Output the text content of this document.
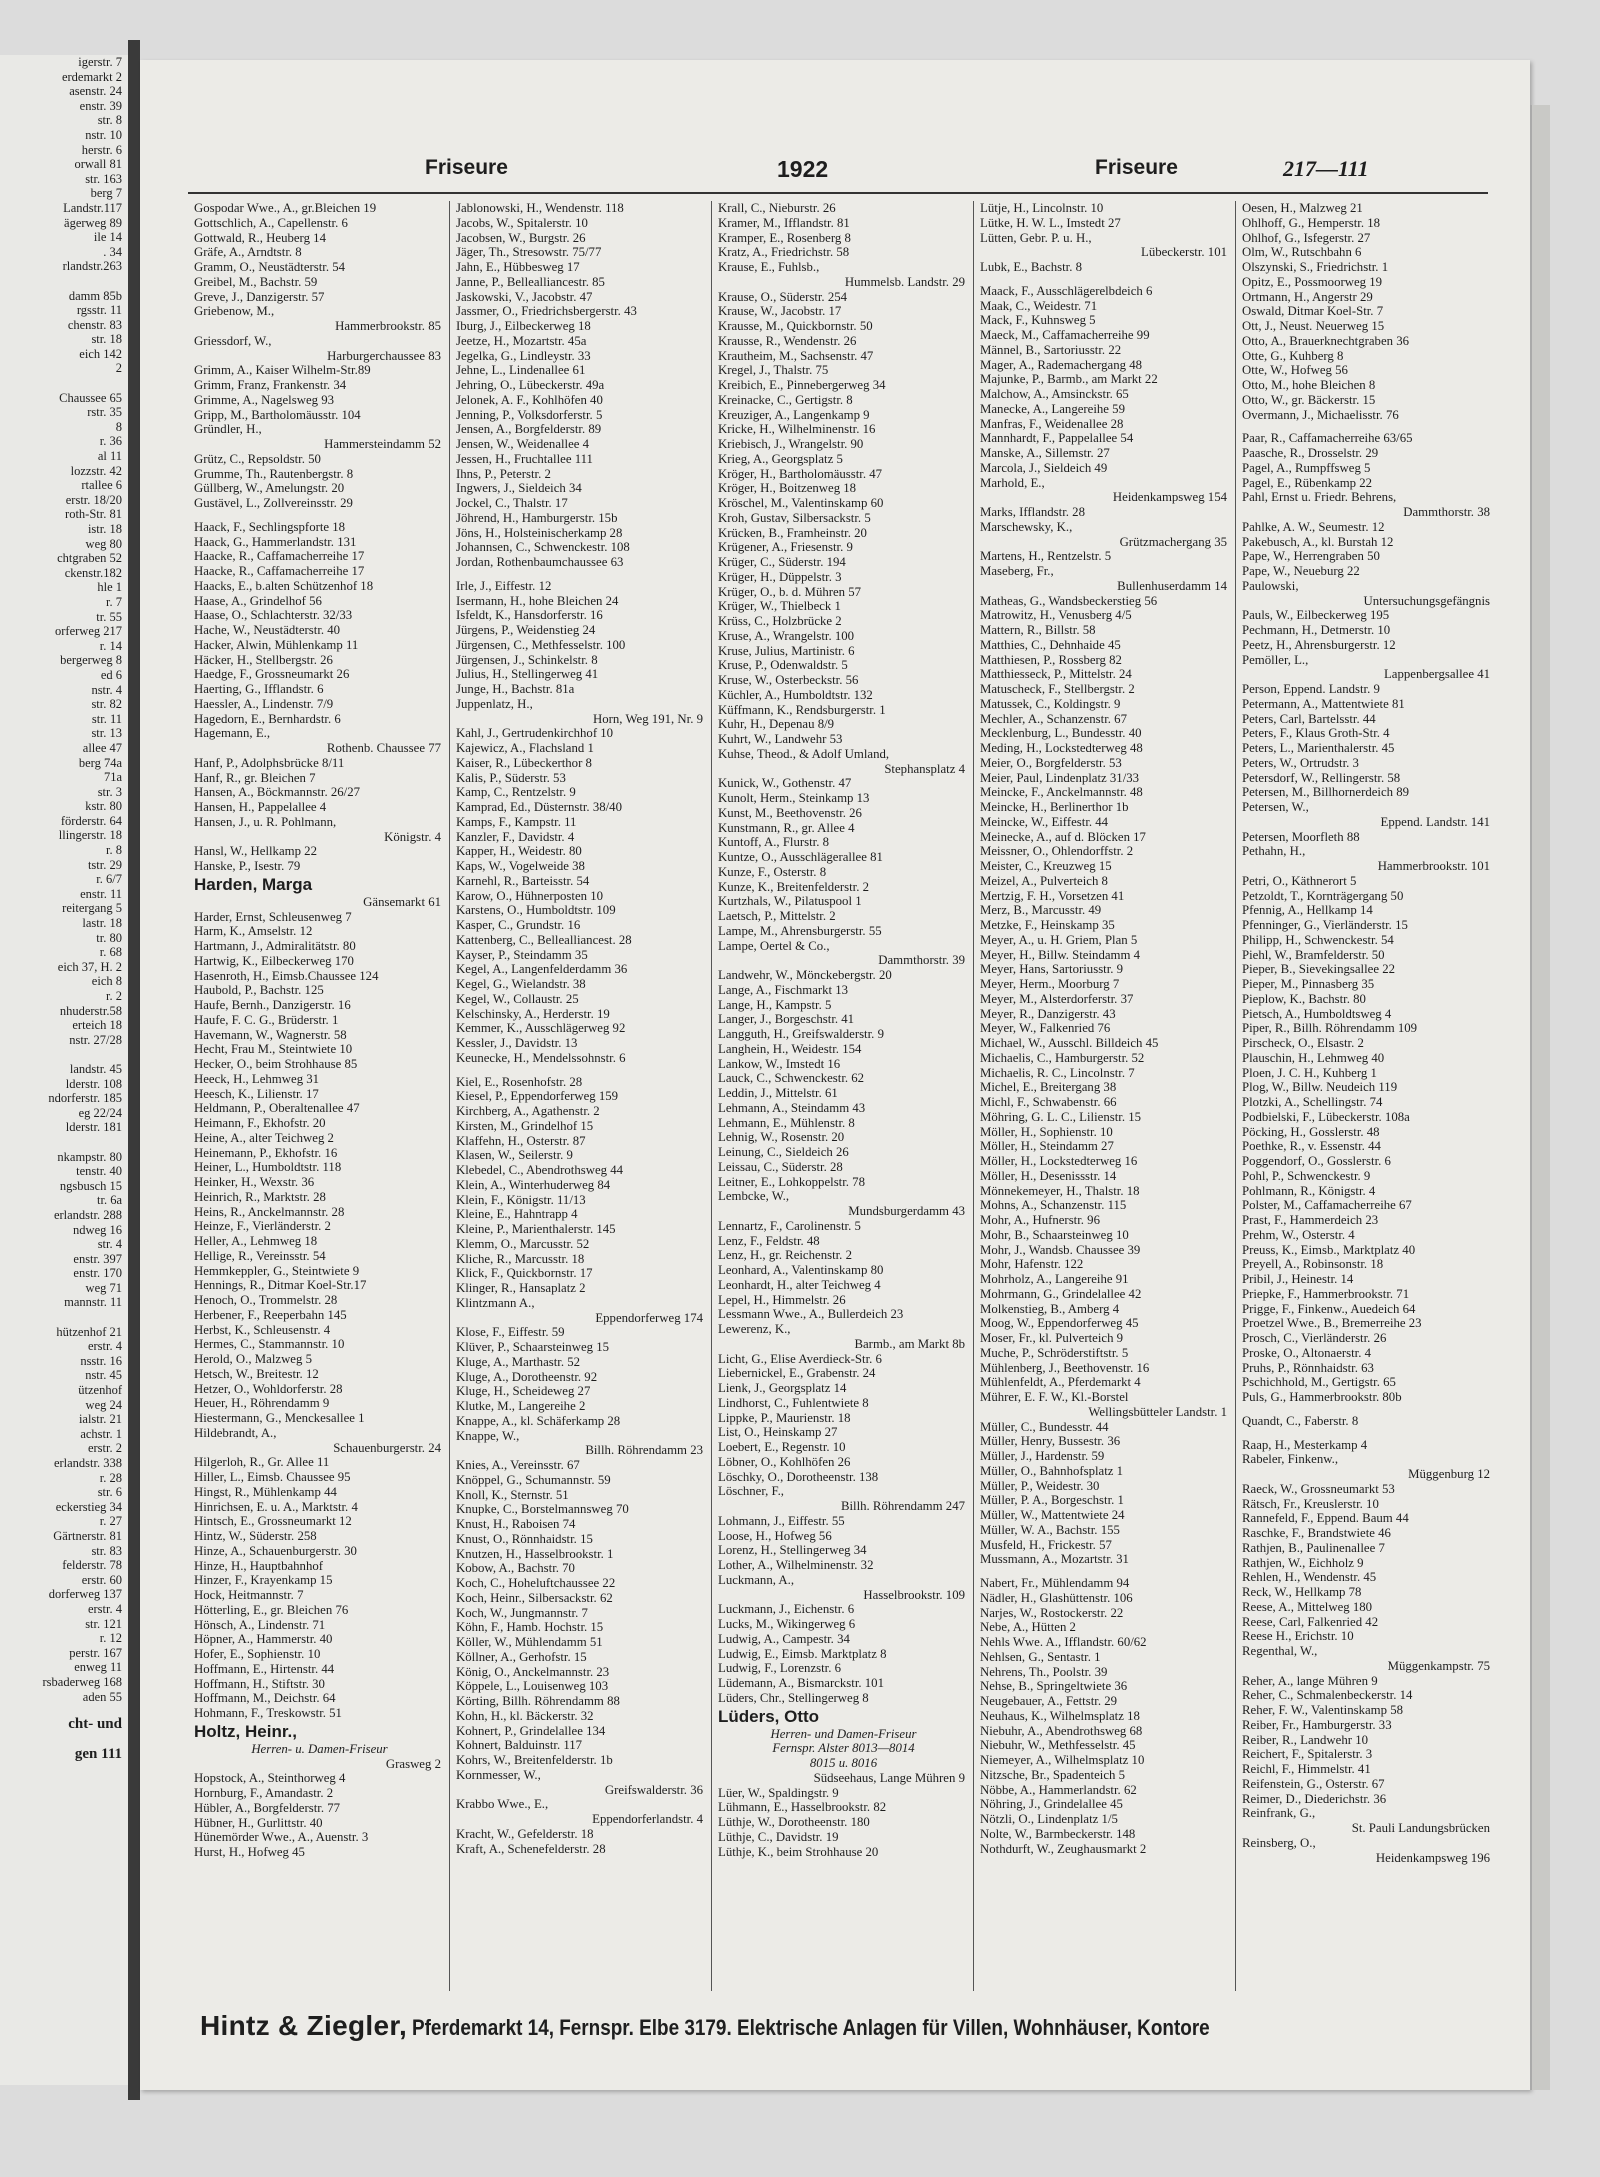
igerstr. 7
erdemarkt 2
asenstr. 24
enstr. 39
str. 8
nstr. 10
herstr. 6
orwall 81
str. 163
berg 7
Landstr.117
ägerweg 89
ile 14
. 34
rlandstr.263

damm 85b
rgsstr. 11
chenstr. 83
str. 18
eich 142
2

Chaussee 65
rstr. 35
8
r. 36
al 11
lozzstr. 42
rtallee 6
erstr. 18/20
roth-Str. 81
istr. 18
weg 80
chtgraben 52
ckenstr.182
hle 1
r. 7
tr. 55
orferweg 217
r. 14
bergerweg 8
ed 6
nstr. 4
str. 82
str. 11
str. 13
allee 47
berg 74a
71a
str. 3
kstr. 80
förderstr. 64
llingerstr. 18
r. 8
tstr. 29
r. 6/7
enstr. 11
reitergang 5
lastr. 18
tr. 80
r. 68
eich 37, H. 2
eich 8
r. 2
nhuderstr.58
erteich 18
nstr. 27/28

landstr. 45
lderstr. 108
ndorferstr. 185
eg 22/24
lderstr. 181

nkampstr. 80
tenstr. 40
ngsbusch 15
tr. 6a
erlandstr. 288
ndweg 16
str. 4
enstr. 397
enstr. 170
weg 71
mannstr. 11

hützenhof 21
erstr. 4
nsstr. 16
nstr. 45
ützenhof
weg 24
ialstr. 21
achstr. 1
erstr. 2
erlandstr. 338
r. 28
str. 6
eckerstieg 34
r. 27
Gärtnerstr. 81
str. 83
felderstr. 78
erstr. 60
dorferweg 137
erstr. 4
str. 121
r. 12
perstr. 167
enweg 11
rsbaderweg 168
aden 55
cht- und
gen 111
Friseure	1922	Friseure	217—111
Gospodar Wwe., A., gr.Bleichen 19
Gottschlich, A., Capellenstr. 6
Gottwald, R., Heuberg 14
Gräfe, A., Arndtstr. 8
Gramm, O., Neustädterstr. 54
Greibel, M., Bachstr. 59
Greve, J., Danzigerstr. 57
Griebenow, M.,
Hammerbrookstr. 85
Griessdorf, W.,
Harburgerchaussee 83
Grimm, A., Kaiser Wilhelm-Str.89
Grimm, Franz, Frankenstr. 34
Grimme, A., Nagelsweg 93
Gripp, M., Bartholomäusstr. 104
Gründler, H.,
Hammersteindamm 52
Grütz, C., Repsoldstr. 50
Grumme, Th., Rautenbergstr. 8
Güllberg, W., Amelungstr. 20
Gustävel, L., Zollvereinsstr. 29
Haack, F., Sechlingspforte 18
Haack, G., Hammerlandstr. 131
Haacke, R., Caffamacherreihe 17
Haacke, R., Caffamacherreihe 17
Haacks, E., b.alten Schützenhof 18
Haase, A., Grindelhof 56
Haase, O., Schlachterstr. 32/33
Hache, W., Neustädterstr. 40
Hacker, Alwin, Mühlenkamp 11
Häcker, H., Stellbergstr. 26
Haedge, F., Grossneumarkt 26
Haerting, G., Ifflandstr. 6
Haessler, A., Lindenstr. 7/9
Hagedorn, E., Bernhardstr. 6
Hagemann, E.,
Rothenb. Chaussee 77
Hanf, P., Adolphsbrücke 8/11
Hanf, R., gr. Bleichen 7
Hansen, A., Böckmannstr. 26/27
Hansen, H., Pappelallee 4
Hansen, J., u. R. Pohlmann,
Königstr. 4
Hansl, W., Hellkamp 22
Hanske, P., Isestr. 79
Harden, Marga
Gänsemarkt 61
Harder, Ernst, Schleusenweg 7
Harm, K., Amselstr. 12
Hartmann, J., Admiralitätstr. 80
Hartwig, K., Eilbeckerweg 170
Hasenroth, H., Eimsb.Chaussee 124
Haubold, P., Bachstr. 125
Haufe, Bernh., Danzigerstr. 16
Haufe, F. C. G., Brüderstr. 1
Havemann, W., Wagnerstr. 58
Hecht, Frau M., Steintwiete 10
Hecker, O., beim Strohhause 85
Heeck, H., Lehmweg 31
Heesch, K., Lilienstr. 17
Heldmann, P., Oberaltenallee 47
Heimann, F., Ekhofstr. 20
Heine, A., alter Teichweg 2
Heinemann, P., Ekhofstr. 16
Heiner, L., Humboldtstr. 118
Heinker, H., Wexstr. 36
Heinrich, R., Marktstr. 28
Heins, R., Anckelmannstr. 28
Heinze, F., Vierländerstr. 2
Heller, A., Lehmweg 18
Hellige, R., Vereinsstr. 54
Hemmkeppler, G., Steintwiete 9
Hennings, R., Ditmar Koel-Str.17
Henoch, O., Trommelstr. 28
Herbener, F., Reeperbahn 145
Herbst, K., Schleusenstr. 4
Hermes, C., Stammannstr. 10
Herold, O., Malzweg 5
Hetsch, W., Breitestr. 12
Hetzer, O., Wohldorferstr. 28
Heuer, H., Röhrendamm 9
Hiestermann, G., Menckesallee 1
Hildebrandt, A.,
Schauenburgerstr. 24
Hilgerloh, R., Gr. Allee 11
Hiller, L., Eimsb. Chaussee 95
Hingst, R., Mühlenkamp 44
Hinrichsen, E. u. A., Marktstr. 4
Hintsch, E., Grossneumarkt 12
Hintz, W., Süderstr. 258
Hinze, A., Schauenburgerstr. 30
Hinze, H., Hauptbahnhof
Hinzer, F., Krayenkamp 15
Hock, Heitmannstr. 7
Hötterling, E., gr. Bleichen 76
Hönsch, A., Lindenstr. 71
Höpner, A., Hammerstr. 40
Hofer, E., Sophienstr. 10
Hoffmann, E., Hirtenstr. 44
Hoffmann, H., Stiftstr. 30
Hoffmann, M., Deichstr. 64
Hohmann, F., Treskowstr. 51
Holtz, Heinr.,
Herren- u. Damen-Friseur
Grasweg 2
Hopstock, A., Steinthorweg 4
Hornburg, F., Amandastr. 2
Hübler, A., Borgfelderstr. 77
Hübner, H., Gurlittstr. 40
Hünemörder Wwe., A., Auenstr. 3
Hurst, H., Hofweg 45
Jablonowski, H., Wendenstr. 118
Jacobs, W., Spitalerstr. 10
Jacobsen, W., Burgstr. 26
Jäger, Th., Stresowstr. 75/77
Jahn, E., Hübbesweg 17
Janne, P., Bellealliancestr. 85
Jaskowski, V., Jacobstr. 47
Jassmer, O., Friedrichsbergerstr. 43
Iburg, J., Eilbeckerweg 18
Jeetze, H., Mozartstr. 45a
Jegelka, G., Lindleystr. 33
Jehne, L., Lindenallee 61
Jehring, O., Lübeckerstr. 49a
Jelonek, A. F., Kohlhöfen 40
Jenning, P., Volksdorferstr. 5
Jensen, A., Borgfelderstr. 89
Jensen, W., Weidenallee 4
Jessen, H., Fruchtallee 111
Ihns, P., Peterstr. 2
Ingwers, J., Sieldeich 34
Jockel, C., Thalstr. 17
Jöhrend, H., Hamburgerstr. 15b
Jöns, H., Holsteinischerkamp 28
Johannsen, C., Schwenckestr. 108
Jordan, Rothenbaumchaussee 63
Irle, J., Eiffestr. 12
Isermann, H., hohe Bleichen 24
Isfeldt, K., Hansdorferstr. 16
Jürgens, P., Weidenstieg 24
Jürgensen, C., Methfesselstr. 100
Jürgensen, J., Schinkelstr. 8
Julius, H., Stellingerweg 41
Junge, H., Bachstr. 81a
Juppenlatz, H.,
Horn, Weg 191, Nr. 9
Kahl, J., Gertrudenkirchhof 10
Kajewicz, A., Flachsland 1
Kaiser, R., Lübeckerthor 8
Kalis, P., Süderstr. 53
Kamp, C., Rentzelstr. 9
Kamprad, Ed., Düsternstr. 38/40
Kamps, F., Kampstr. 11
Kanzler, F., Davidstr. 4
Kapper, H., Weidestr. 80
Kaps, W., Vogelweide 38
Karnehl, R., Barteisstr. 54
Karow, O., Hühnerposten 10
Karstens, O., Humboldtstr. 109
Kasper, C., Grundstr. 16
Kattenberg, C., Bellealliancest. 28
Kayser, P., Steindamm 35
Kegel, A., Langenfelderdamm 36
Kegel, G., Wielandstr. 38
Kegel, W., Collaustr. 25
Kelschinsky, A., Herderstr. 19
Kemmer, K., Ausschlägerweg 92
Kessler, J., Davidstr. 13
Keunecke, H., Mendelssohnstr. 6
Kiel, E., Rosenhofstr. 28
Kiesel, P., Eppendorferweg 159
Kirchberg, A., Agathenstr. 2
Kirsten, M., Grindelhof 15
Klaffehn, H., Osterstr. 87
Klasen, W., Seilerstr. 9
Klebedel, C., Abendrothsweg 44
Klein, A., Winterhuderweg 84
Klein, F., Königstr. 11/13
Kleine, E., Hahntrapp 4
Kleine, P., Marienthalerstr. 145
Klemm, O., Marcusstr. 52
Kliche, R., Marcusstr. 18
Klick, F., Quickbornstr. 17
Klinger, R., Hansaplatz 2
Klintzmann A.,
Eppendorferweg 174
Klose, F., Eiffestr. 59
Klüver, P., Schaarsteinweg 15
Kluge, A., Marthastr. 52
Kluge, A., Dorotheenstr. 92
Kluge, H., Scheideweg 27
Klutke, M., Langereihe 2
Knappe, A., kl. Schäferkamp 28
Knappe, W.,
Billh. Röhrendamm 23
Knies, A., Vereinsstr. 67
Knöppel, G., Schumannstr. 59
Knoll, K., Sternstr. 51
Knupke, C., Borstelmannsweg 70
Knust, H., Raboisen 74
Knust, O., Rönnhaidstr. 15
Knutzen, H., Hasselbrookstr. 1
Kobow, A., Bachstr. 70
Koch, C., Hoheluftchaussee 22
Koch, Heinr., Silbersackstr. 62
Koch, W., Jungmannstr. 7
Köhn, F., Hamb. Hochstr. 15
Köller, W., Mühlendamm 51
Köllner, A., Gerhofstr. 15
König, O., Anckelmannstr. 23
Köppele, L., Louisenweg 103
Körting, Billh. Röhrendamm 88
Kohn, H., kl. Bäckerstr. 32
Kohnert, P., Grindelallee 134
Kohnert, Balduinstr. 117
Kohrs, W., Breitenfelderstr. 1b
Kornmesser, W.,
Greifswalderstr. 36
Krabbo Wwe., E.,
Eppendorferlandstr. 4
Kracht, W., Gefelderstr. 18
Kraft, A., Schenefelderstr. 28
Krall, C., Nieburstr. 26
Kramer, M., Ifflandstr. 81
Kramper, E., Rosenberg 8
Kratz, A., Friedrichstr. 58
Krause, E., Fuhlsb.,
Hummelsb. Landstr. 29
Krause, O., Süderstr. 254
Krause, W., Jacobstr. 17
Krausse, M., Quickbornstr. 50
Krausse, R., Wendenstr. 26
Krautheim, M., Sachsenstr. 47
Kregel, J., Thalstr. 75
Kreibich, E., Pinnebergerweg 34
Kreinacke, C., Gertigstr. 8
Kreuziger, A., Langenkamp 9
Kricke, H., Wilhelminenstr. 16
Kriebisch, J., Wrangelstr. 90
Krieg, A., Georgsplatz 5
Kröger, H., Bartholomäusstr. 47
Kröger, H., Boitzenweg 18
Kröschel, M., Valentinskamp 60
Kroh, Gustav, Silbersackstr. 5
Krücken, B., Framheinstr. 20
Krügener, A., Friesenstr. 9
Krüger, C., Süderstr. 194
Krüger, H., Düppelstr. 3
Krüger, O., b. d. Mühren 57
Krüger, W., Thielbeck 1
Krüss, C., Holzbrücke 2
Kruse, A., Wrangelstr. 100
Kruse, Julius, Martinistr. 6
Kruse, P., Odenwaldstr. 5
Kruse, W., Osterbeckstr. 56
Küchler, A., Humboldtstr. 132
Küffmann, K., Rendsburgerstr. 1
Kuhr, H., Depenau 8/9
Kuhrt, W., Landwehr 53
Kuhse, Theod., & Adolf Umland,
Stephansplatz 4
Kunick, W., Gothenstr. 47
Kunolt, Herm., Steinkamp 13
Kunst, M., Beethovenstr. 26
Kunstmann, R., gr. Allee 4
Kuntoff, A., Flurstr. 8
Kuntze, O., Ausschlägerallee 81
Kunze, F., Osterstr. 8
Kunze, K., Breitenfelderstr. 2
Kurtzhals, W., Pilatuspool 1
Laetsch, P., Mittelstr. 2
Lampe, M., Ahrensburgerstr. 55
Lampe, Oertel & Co.,
Dammthorstr. 39
Landwehr, W., Mönckebergstr. 20
Lange, A., Fischmarkt 13
Lange, H., Kampstr. 5
Langer, J., Borgeschstr. 41
Langguth, H., Greifswalderstr. 9
Langhein, H., Weidestr. 154
Lankow, W., Imstedt 16
Lauck, C., Schwenckestr. 62
Leddin, J., Mittelstr. 61
Lehmann, A., Steindamm 43
Lehmann, E., Mühlenstr. 8
Lehnig, W., Rosenstr. 20
Leinung, C., Sieldeich 26
Leissau, C., Süderstr. 28
Leitner, E., Lohkoppelstr. 78
Lembcke, W.,
Mundsburgerdamm 43
Lennartz, F., Carolinenstr. 5
Lenz, F., Feldstr. 48
Lenz, H., gr. Reichenstr. 2
Leonhard, A., Valentinskamp 80
Leonhardt, H., alter Teichweg 4
Lepel, H., Himmelstr. 26
Lessmann Wwe., A., Bullerdeich 23
Lewerenz, K.,
Barmb., am Markt 8b
Licht, G., Elise Averdieck-Str. 6
Liebernickel, E., Grabenstr. 24
Lienk, J., Georgsplatz 14
Lindhorst, C., Fuhlentwiete 8
Lippke, P., Maurienstr. 18
List, O., Heinskamp 27
Loebert, E., Regenstr. 10
Löbner, O., Kohlhöfen 26
Löschky, O., Dorotheenstr. 138
Löschner, F.,
Billh. Röhrendamm 247
Lohmann, J., Eiffestr. 55
Loose, H., Hofweg 56
Lorenz, H., Stellingerweg 34
Lother, A., Wilhelminenstr. 32
Luckmann, A.,
Hasselbrookstr. 109
Luckmann, J., Eichenstr. 6
Lucks, M., Wikingerweg 6
Ludwig, A., Campestr. 34
Ludwig, E., Eimsb. Marktplatz 8
Ludwig, F., Lorenzstr. 6
Lüdemann, A., Bismarckstr. 101
Lüders, Chr., Stellingerweg 8
Lüders, Otto
Herren- und Damen-Friseur
Fernspr. Alster 8013—8014
8015 u. 8016
Südseehaus, Lange Mühren 9
Lüer, W., Spaldingstr. 9
Lühmann, E., Hasselbrookstr. 82
Lüthje, W., Dorotheenstr. 180
Lüthje, C., Davidstr. 19
Lüthje, K., beim Strohhause 20
Lütje, H., Lincolnstr. 10
Lütke, H. W. L., Imstedt 27
Lütten, Gebr. P. u. H.,
Lübeckerstr. 101
Lubk, E., Bachstr. 8
Maack, F., Ausschlägerelbdeich 6
Maak, C., Weidestr. 71
Mack, F., Kuhnsweg 5
Maeck, M., Caffamacherreihe 99
Männel, B., Sartoriusstr. 22
Mager, A., Rademachergang 48
Majunke, P., Barmb., am Markt 22
Malchow, A., Amsinckstr. 65
Manecke, A., Langereihe 59
Manfras, F., Weidenallee 28
Mannhardt, F., Pappelallee 54
Manske, A., Sillemstr. 27
Marcola, J., Sieldeich 49
Marhold, E.,
Heidenkampsweg 154
Marks, Ifflandstr. 28
Marschewsky, K.,
Grützmachergang 35
Martens, H., Rentzelstr. 5
Maseberg, Fr.,
Bullenhuserdamm 14
Matheas, G., Wandsbeckerstieg 56
Matrowitz, H., Venusberg 4/5
Mattern, R., Billstr. 58
Matthies, C., Dehnhaide 45
Matthiesen, P., Rossberg 82
Matthiesseck, P., Mittelstr. 24
Matuscheck, F., Stellbergstr. 2
Matussek, C., Koldingstr. 9
Mechler, A., Schanzenstr. 67
Mecklenburg, L., Bundesstr. 40
Meding, H., Lockstedterweg 48
Meier, O., Borgfelderstr. 53
Meier, Paul, Lindenplatz 31/33
Meincke, F., Anckelmannstr. 48
Meincke, H., Berlinerthor 1b
Meincke, W., Eiffestr. 44
Meinecke, A., auf d. Blöcken 17
Meissner, O., Ohlendorffstr. 2
Meister, C., Kreuzweg 15
Meizel, A., Pulverteich 8
Mertzig, F. H., Vorsetzen 41
Merz, B., Marcusstr. 49
Metzke, F., Heinskamp 35
Meyer, A., u. H. Griem, Plan 5
Meyer, H., Billw. Steindamm 4
Meyer, Hans, Sartoriusstr. 9
Meyer, Herm., Moorburg 7
Meyer, M., Alsterdorferstr. 37
Meyer, R., Danzigerstr. 43
Meyer, W., Falkenried 76
Michael, W., Ausschl. Billdeich 45
Michaelis, C., Hamburgerstr. 52
Michaelis, R. C., Lincolnstr. 7
Michel, E., Breitergang 38
Michl, F., Schwabenstr. 66
Möhring, G. L. C., Lilienstr. 15
Möller, H., Sophienstr. 10
Möller, H., Steindamm 27
Möller, H., Lockstedterweg 16
Möller, H., Desenissstr. 14
Mönnekemeyer, H., Thalstr. 18
Mohns, A., Schanzenstr. 115
Mohr, A., Hufnerstr. 96
Mohr, B., Schaarsteinweg 10
Mohr, J., Wandsb. Chaussee 39
Mohr, Hafenstr. 122
Mohrholz, A., Langereihe 91
Mohrmann, G., Grindelallee 42
Molkenstieg, B., Amberg 4
Moog, W., Eppendorferweg 45
Moser, Fr., kl. Pulverteich 9
Muche, P., Schröderstiftstr. 5
Mühlenberg, J., Beethovenstr. 16
Mühlenfeldt, A., Pferdemarkt 4
Mührer, E. F. W., Kl.-Borstel
Wellingsbütteler Landstr. 1
Müller, C., Bundesstr. 44
Müller, Henry, Bussestr. 36
Müller, J., Hardenstr. 59
Müller, O., Bahnhofsplatz 1
Müller, P., Weidestr. 30
Müller, P. A., Borgeschstr. 1
Müller, W., Mattentwiete 24
Müller, W. A., Bachstr. 155
Musfeld, H., Frickestr. 57
Mussmann, A., Mozartstr. 31
Nabert, Fr., Mühlendamm 94
Nädler, H., Glashüttenstr. 106
Narjes, W., Rostockerstr. 22
Nebe, A., Hütten 2
Nehls Wwe. A., Ifflandstr. 60/62
Nehlsen, G., Sentastr. 1
Nehrens, Th., Poolstr. 39
Nehse, B., Springeltwiete 36
Neugebauer, A., Fettstr. 29
Neuhaus, K., Wilhelmsplatz 18
Niebuhr, A., Abendrothsweg 68
Niebuhr, W., Methfesselstr. 45
Niemeyer, A., Wilhelmsplatz 10
Nitzsche, Br., Spadenteich 5
Nöbbe, A., Hammerlandstr. 62
Nöhring, J., Grindelallee 45
Nötzli, O., Lindenplatz 1/5
Nolte, W., Barmbeckerstr. 148
Nothdurft, W., Zeughausmarkt 2
Oesen, H., Malzweg 21
Ohlhoff, G., Hemperstr. 18
Ohlhof, G., Isfegerstr. 27
Olm, W., Rutschbahn 6
Olszynski, S., Friedrichstr. 1
Opitz, E., Possmoorweg 19
Ortmann, H., Angerstr 29
Oswald, Ditmar Koel-Str. 7
Ott, J., Neust. Neuerweg 15
Otto, A., Brauerknechtgraben 36
Otte, G., Kuhberg 8
Otte, W., Hofweg 56
Otto, M., hohe Bleichen 8
Otto, W., gr. Bäckerstr. 15
Overmann, J., Michaelisstr. 76
Paar, R., Caffamacherreihe 63/65
Paasche, R., Drosselstr. 29
Pagel, A., Rumpffsweg 5
Pagel, E., Rübenkamp 22
Pahl, Ernst u. Friedr. Behrens,
Dammthorstr. 38
Pahlke, A. W., Seumestr. 12
Pakebusch, A., kl. Burstah 12
Pape, W., Herrengraben 50
Pape, W., Neueburg 22
Paulowski,
Untersuchungsgefängnis
Pauls, W., Eilbeckerweg 195
Pechmann, H., Detmerstr. 10
Peetz, H., Ahrensburgerstr. 12
Pemöller, L.,
Lappenbergsallee 41
Person, Eppend. Landstr. 9
Petermann, A., Mattentwiete 81
Peters, Carl, Bartelsstr. 44
Peters, F., Klaus Groth-Str. 4
Peters, L., Marienthalerstr. 45
Peters, W., Ortrudstr. 3
Petersdorf, W., Rellingerstr. 58
Petersen, M., Billhornerdeich 89
Petersen, W.,
Eppend. Landstr. 141
Petersen, Moorfleth 88
Pethahn, H.,
Hammerbrookstr. 101
Petri, O., Käthnerort 5
Petzoldt, T., Kornträgergang 50
Pfennig, A., Hellkamp 14
Pfenninger, G., Vierländerstr. 15
Philipp, H., Schwenckestr. 54
Piehl, W., Bramfelderstr. 50
Pieper, B., Sievekingsallee 22
Pieper, M., Pinnasberg 35
Pieplow, K., Bachstr. 80
Pietsch, A., Humboldtsweg 4
Piper, R., Billh. Röhrendamm 109
Pirscheck, O., Elsastr. 2
Plauschin, H., Lehmweg 40
Ploen, J. C. H., Kuhberg 1
Plog, W., Billw. Neudeich 119
Plotzki, A., Schellingstr. 74
Podbielski, F., Lübeckerstr. 108a
Pöcking, H., Gosslerstr. 48
Poethke, R., v. Essenstr. 44
Poggendorf, O., Gosslerstr. 6
Pohl, P., Schwenckestr. 9
Pohlmann, R., Königstr. 4
Polster, M., Caffamacherreihe 67
Prast, F., Hammerdeich 23
Prehm, W., Osterstr. 4
Preuss, K., Eimsb., Marktplatz 40
Preyell, A., Robinsonstr. 18
Pribil, J., Heinestr. 14
Priepke, F., Hammerbrookstr. 71
Prigge, F., Finkenw., Auedeich 64
Proetzel Wwe., B., Bremerreihe 23
Prosch, C., Vierländerstr. 26
Proske, O., Altonaerstr. 4
Pruhs, P., Rönnhaidstr. 63
Pschichhold, M., Gertigstr. 65
Puls, G., Hammerbrookstr. 80b
Quandt, C., Faberstr. 8
Raap, H., Mesterkamp 4
Rabeler, Finkenw.,
Müggenburg 12
Raeck, W., Grossneumarkt 53
Rätsch, Fr., Kreuslerstr. 10
Rannefeld, F., Eppend. Baum 44
Raschke, F., Brandstwiete 46
Rathjen, B., Paulinenallee 7
Rathjen, W., Eichholz 9
Rehlen, H., Wendenstr. 45
Reck, W., Hellkamp 78
Reese, A., Mittelweg 180
Reese, Carl, Falkenried 42
Reese H., Erichstr. 10
Regenthal, W.,
Müggenkampstr. 75
Reher, A., lange Mühren 9
Reher, C., Schmalenbeckerstr. 14
Reher, F. W., Valentinskamp 58
Reiber, Fr., Hamburgerstr. 33
Reiber, R., Landwehr 10
Reichert, F., Spitalerstr. 3
Reichl, F., Himmelstr. 41
Reifenstein, G., Osterstr. 67
Reimer, D., Diederichstr. 36
Reinfrank, G.,
St. Pauli Landungsbrücken
Reinsberg, O.,
Heidenkampsweg 196
Hintz & Ziegler, Pferdemarkt 14, Fernspr. Elbe 3179. Elektrische Anlagen für Villen, Wohnhäuser, Kontore
